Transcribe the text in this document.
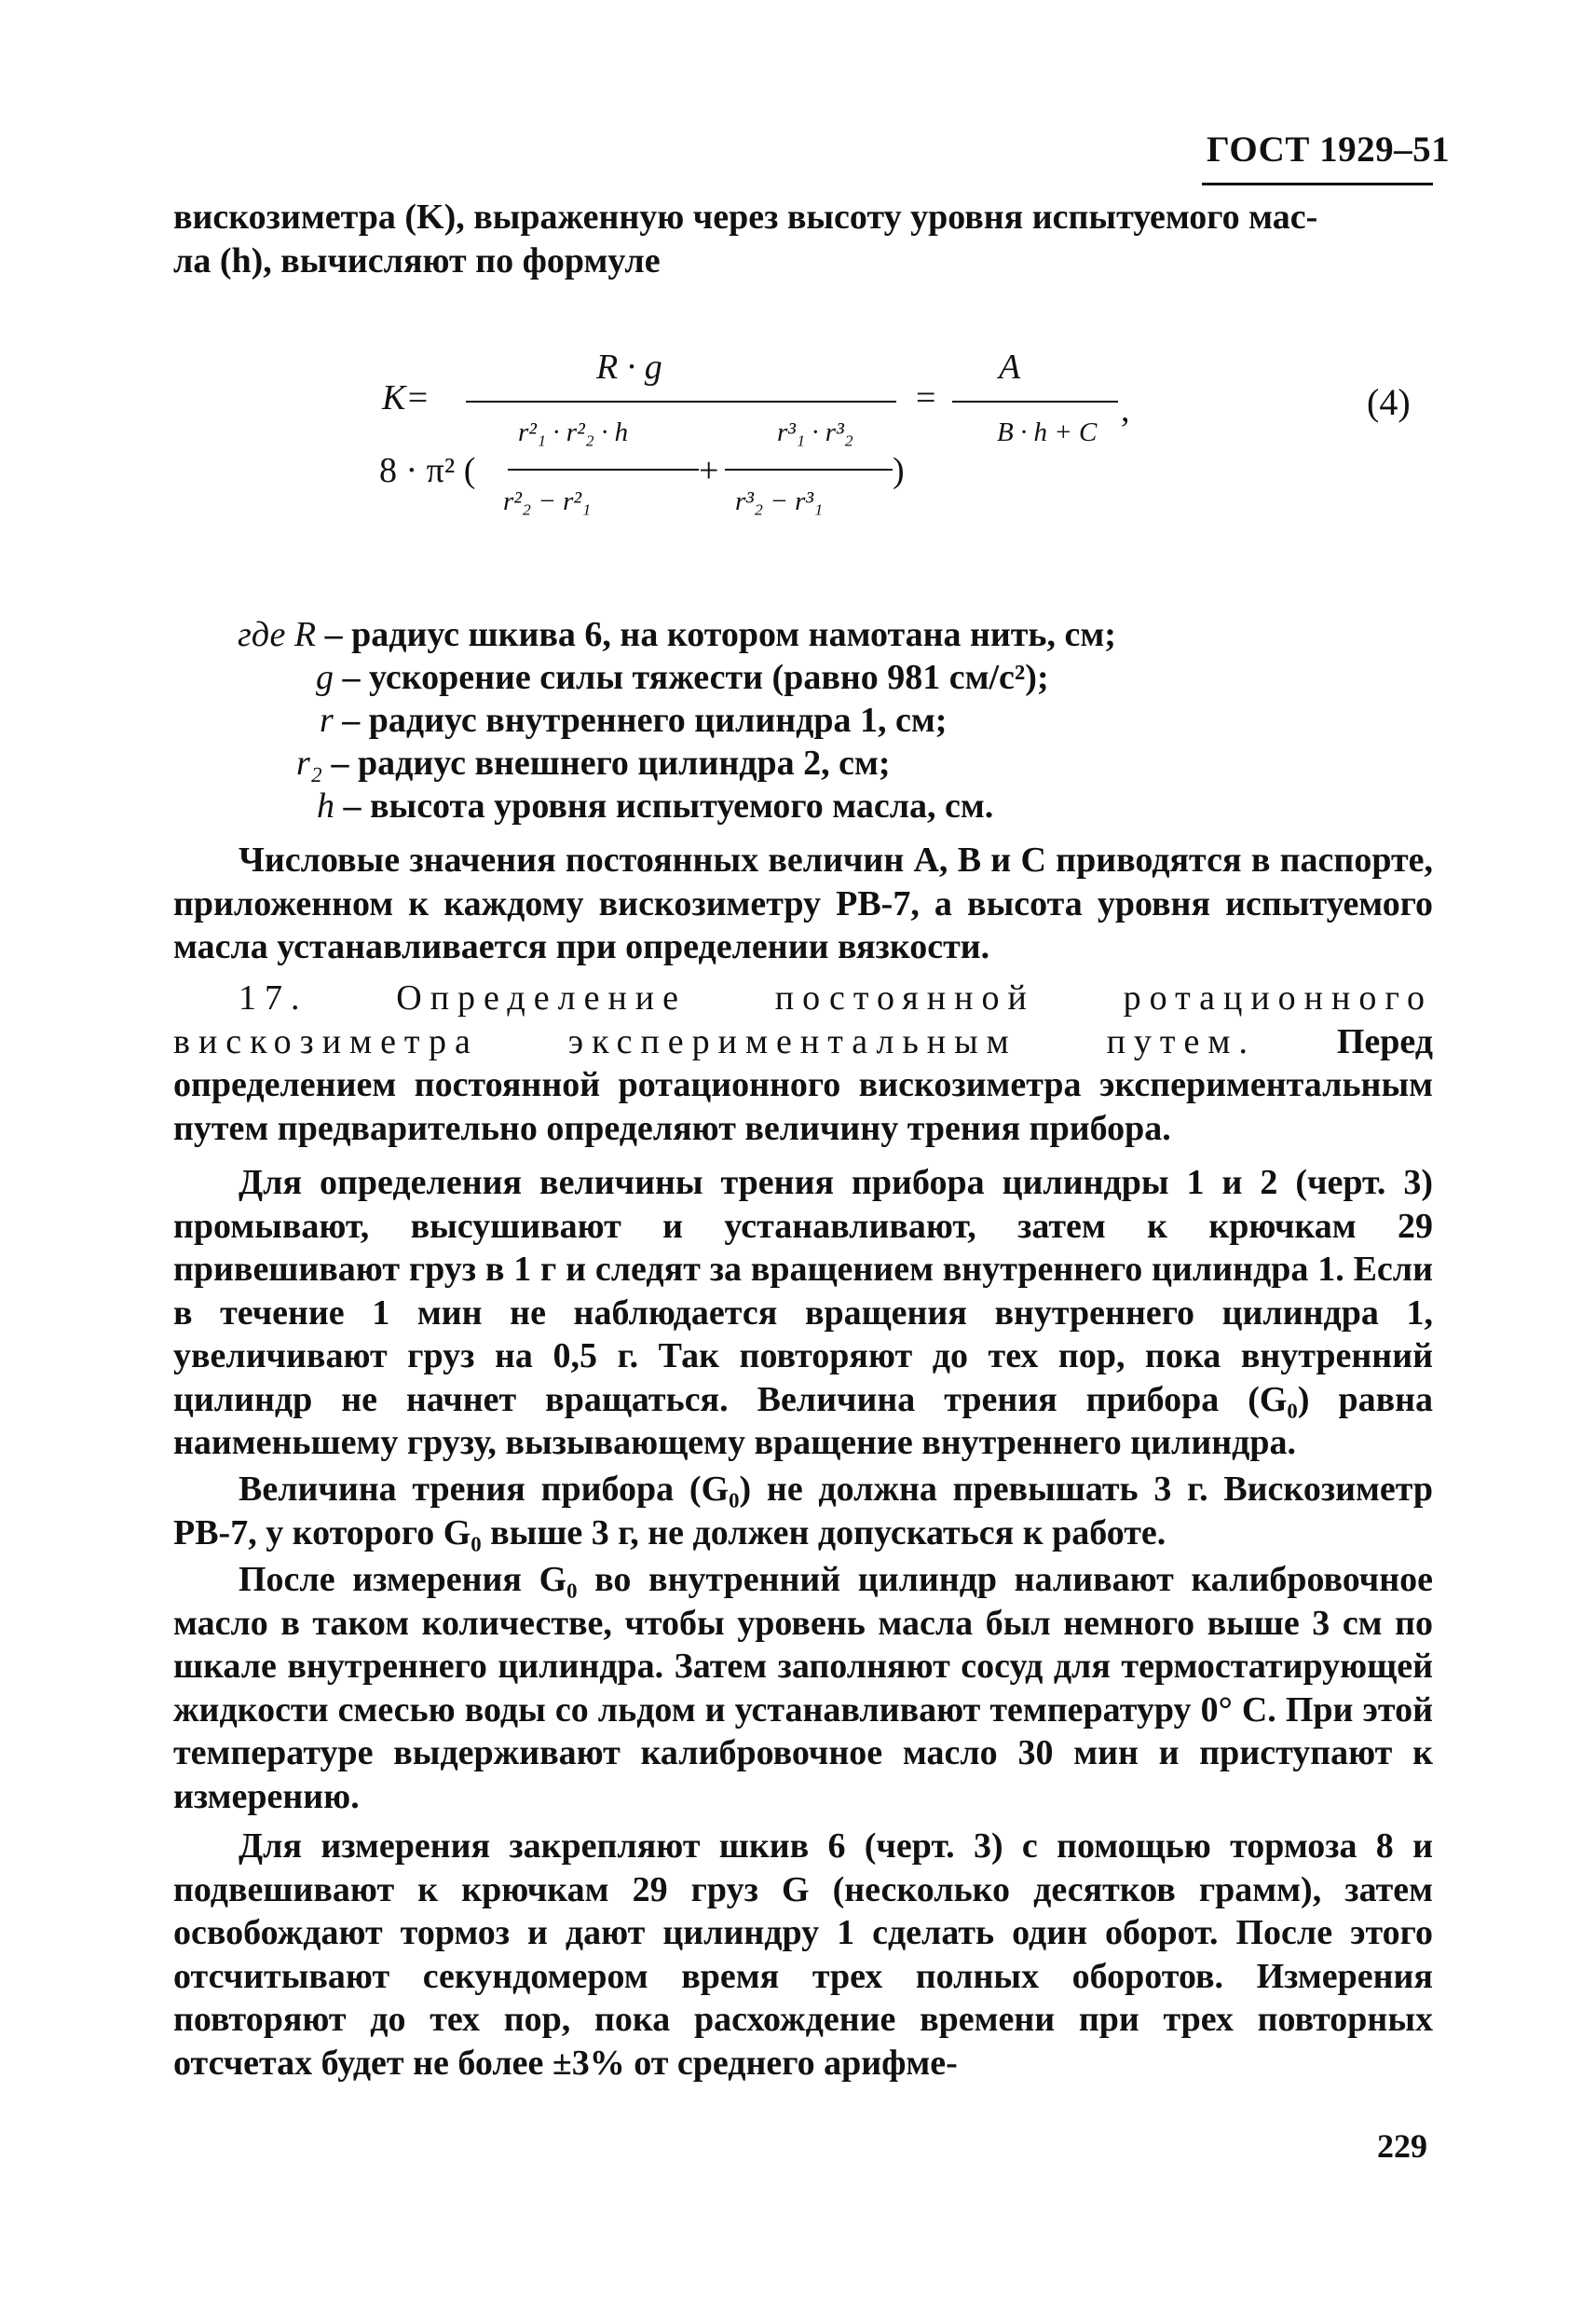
ГОСТ 1929–51
вискозиметра (K), выраженную через высоту уровня испытуемого мас-
ла (h), вычисляют по формуле
R · g
K=
8 · π² (
r²₁ · r²₂ · h
r²₂ − r²₁
+
r³₁ · r³₂
r³₂ − r³₁
)
=
A
B · h + C
,	(4)
где R – радиус шкива 6, на котором намотана нить, см;
g – ускорение силы тяжести (равно 981 см/с²);
r – радиус внутреннего цилиндра 1, см;
r₂ – радиус внешнего цилиндра 2, см;
h – высота уровня испытуемого масла, см.
Числовые значения постоянных величин A, B и C приводятся в паспорте, приложенном к каждому вискозиметру РВ-7, а высота уровня испытуемого масла устанавливается при определении вязкости.
17. Определение постоянной ротационного вискозиметра экспериментальным путем. Перед определением постоянной ротационного вискозиметра экспериментальным путем предварительно определяют величину трения прибора.
Для определения величины трения прибора цилиндры 1 и 2 (черт. 3) промывают, высушивают и устанавливают, затем к крючкам 29 привешивают груз в 1 г и следят за вращением внутреннего цилиндра 1. Если в течение 1 мин не наблюдается вращения внутреннего цилиндра 1, увеличивают груз на 0,5 г. Так повторяют до тех пор, пока внутренний цилиндр не начнет вращаться. Величина трения прибора (G₀) равна наименьшему грузу, вызывающему вращение внутреннего цилиндра.
Величина трения прибора (G₀) не должна превышать 3 г. Вискозиметр РВ-7, у которого G₀ выше 3 г, не должен допускаться к работе.
После измерения G₀ во внутренний цилиндр наливают калибровочное масло в таком количестве, чтобы уровень масла был немного выше 3 см по шкале внутреннего цилиндра. Затем заполняют сосуд для термостатирующей жидкости смесью воды со льдом и устанавливают температуру 0° С. При этой температуре выдерживают калибровочное масло 30 мин и приступают к измерению.
Для измерения закрепляют шкив 6 (черт. 3) с помощью тормоза 8 и подвешивают к крючкам 29 груз G (несколько десятков грамм), затем освобождают тормоз и дают цилиндру 1 сделать один оборот. После этого отсчитывают секундомером время трех полных оборотов. Измерения повторяют до тех пор, пока расхождение времени при трех повторных отсчетах будет не более ±3% от среднего арифме-
229
